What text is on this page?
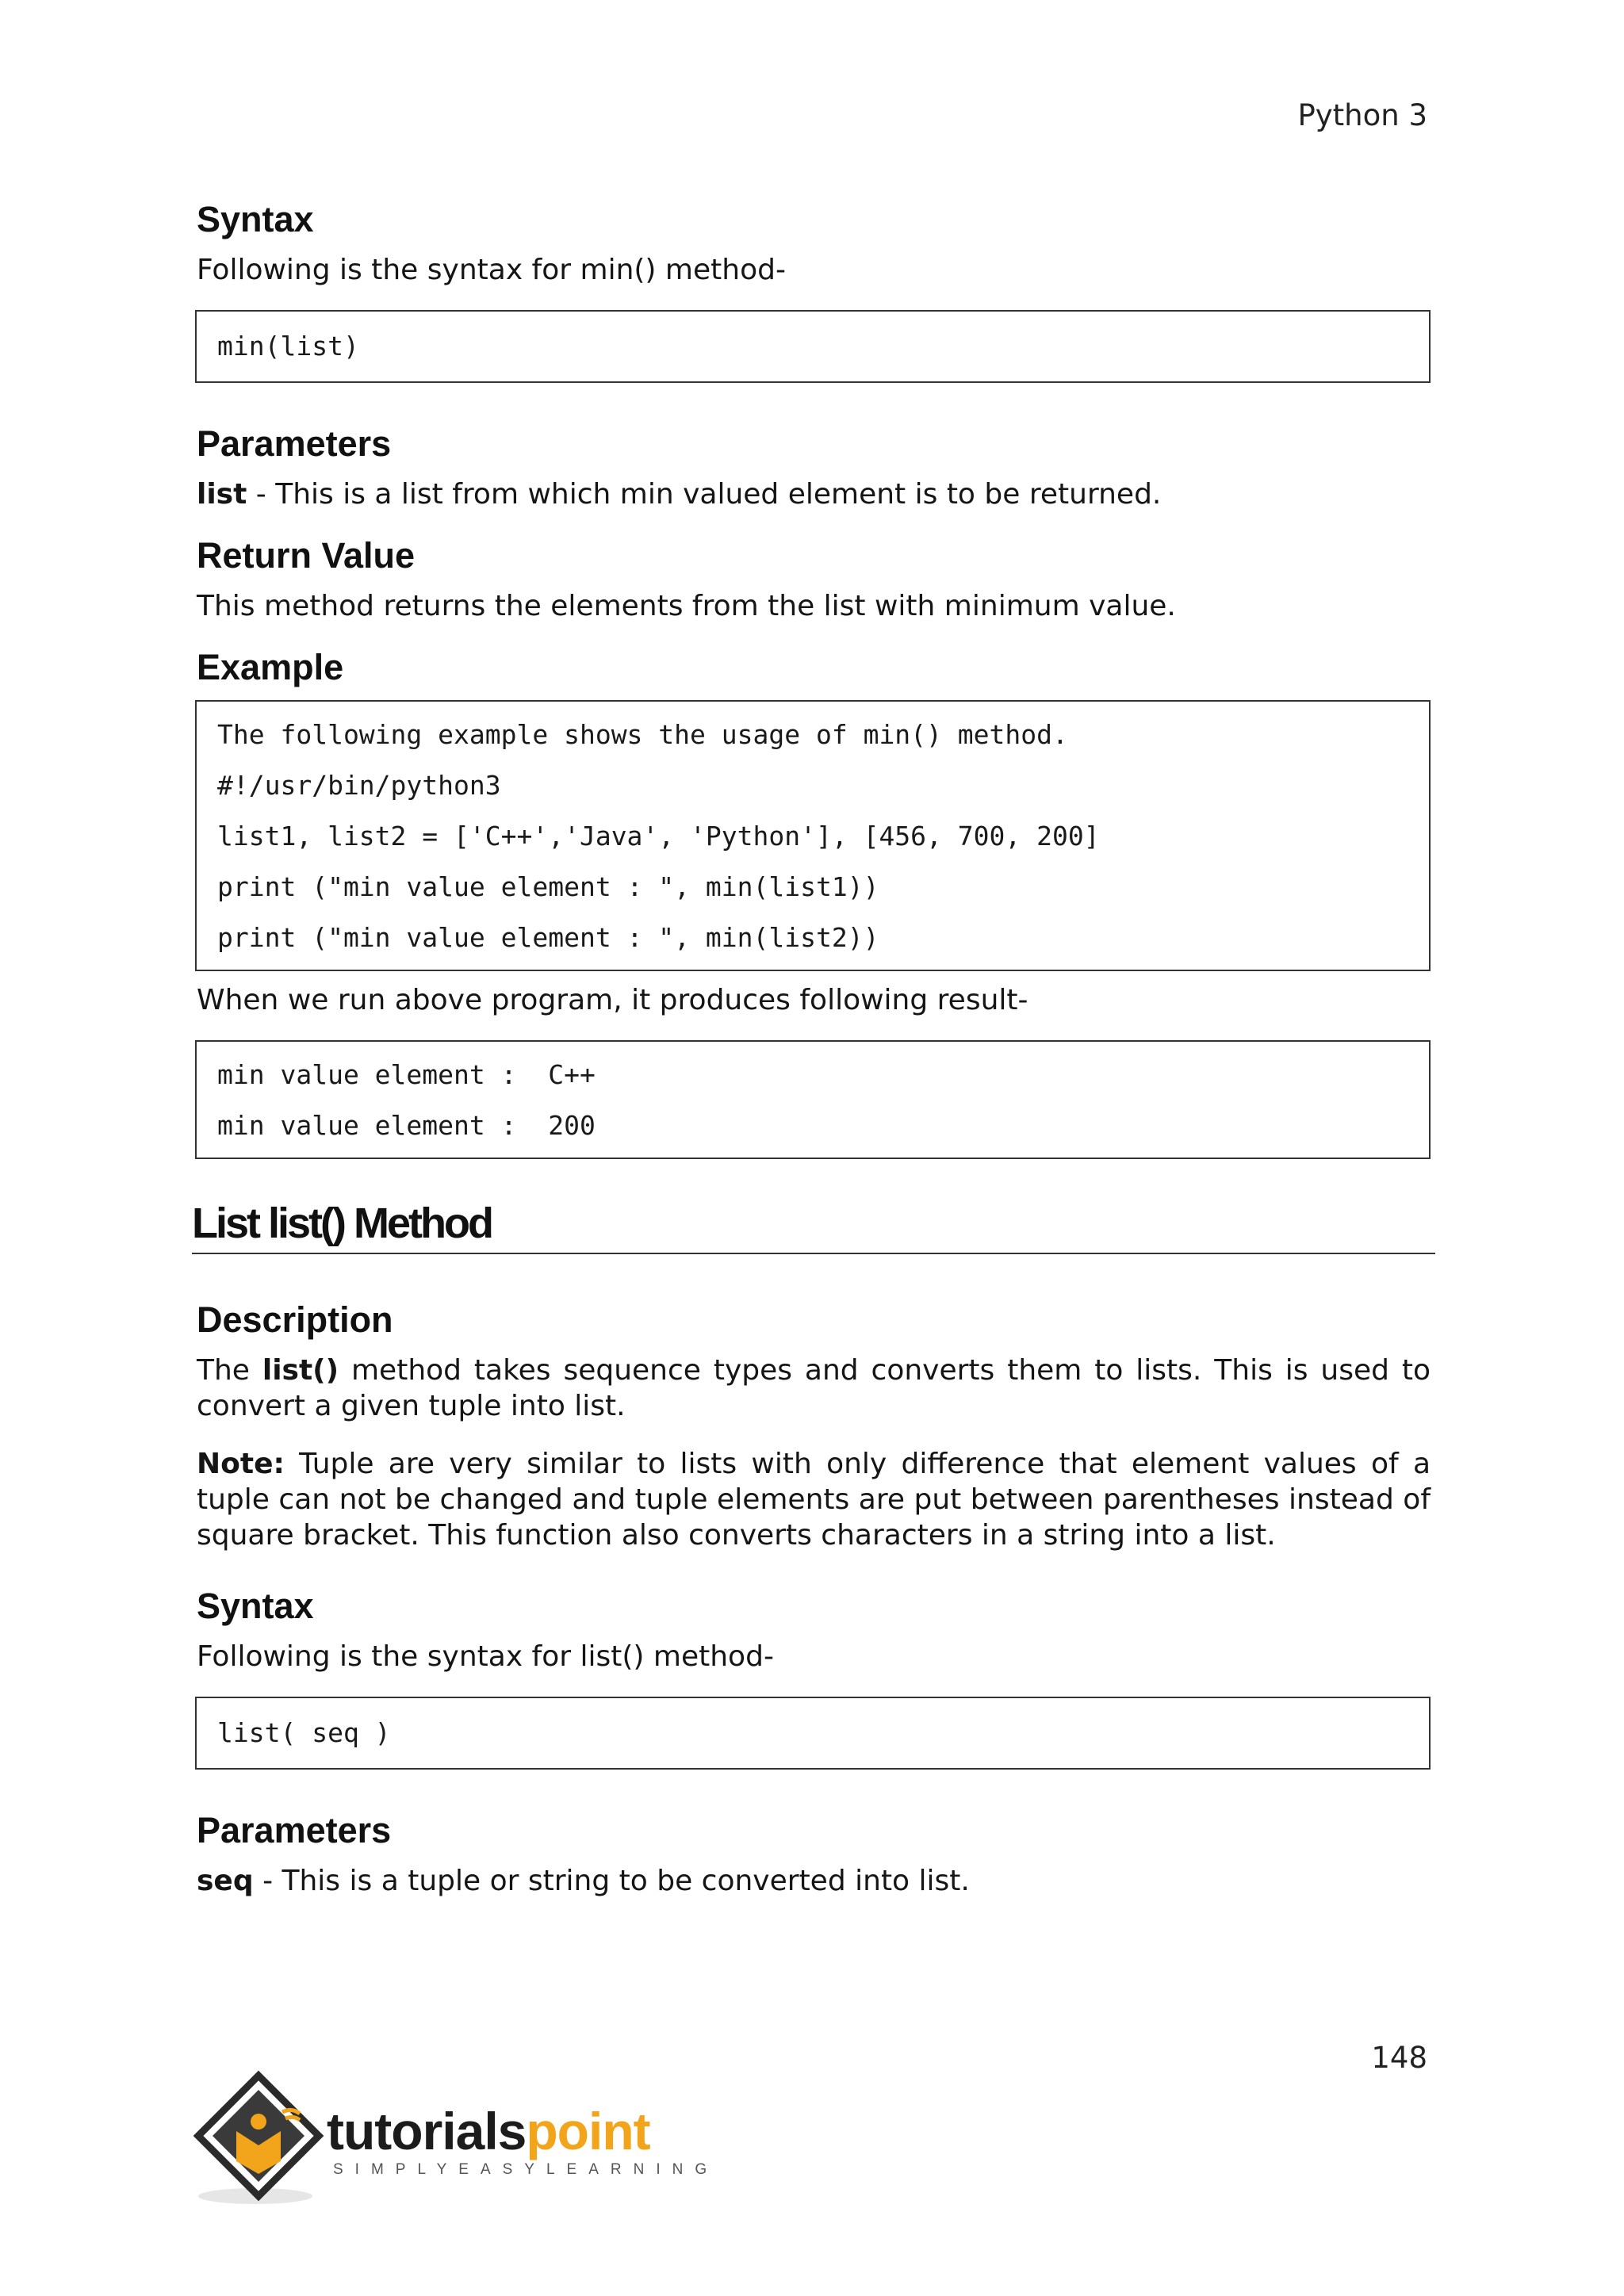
Python 3
Syntax

Following is the syntax for min() method-

min(list)
Parameters

list - This is a list from which min valued element is to be returned.

Return Value

This method returns the elements from the list with minimum value.

Example
The following example shows the usage of min() method.
#!/usr/bin/python3
list1, list2 = ['C++','Java', 'Python'], [456, 700, 200]
print ("min value element : ", min(list1))
print ("min value element : ", min(list2))

When we run above program, it produces following result-

min value element :  C++
min value element :  200
List list() Method
Description

The list() method takes sequence types and converts them to lists. This is used to convert a given tuple into list.

Note: Tuple are very similar to lists with only difference that element values of a tuple can not be changed and tuple elements are put between parentheses instead of square bracket. This function also converts characters in a string into a list.

Syntax

Following is the syntax for list() method-

list( seq )
Parameters

seq - This is a tuple or string to be converted into list.

148
tutorialspoint
SIMPLYEASYLEARNING
